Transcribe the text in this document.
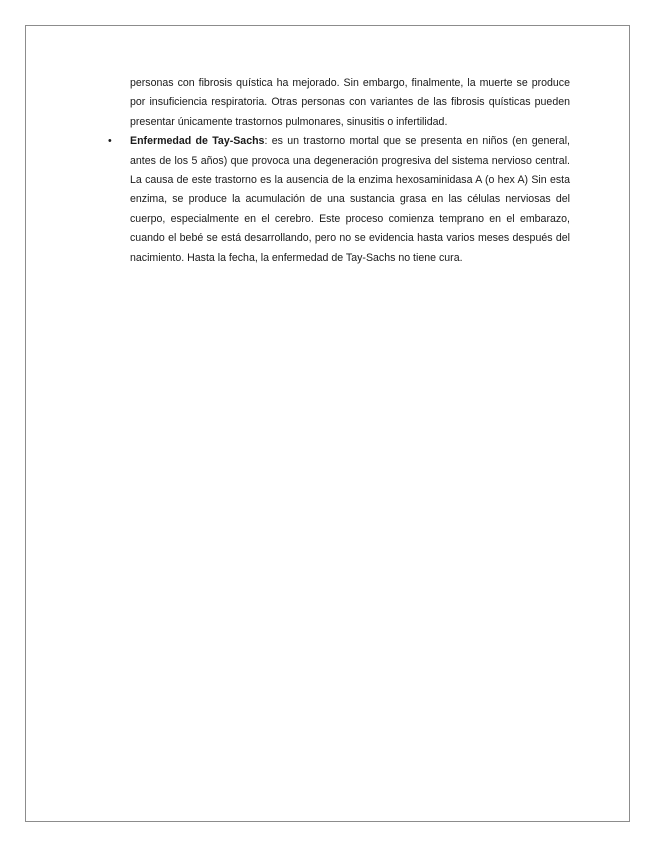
personas con fibrosis quística ha mejorado. Sin embargo, finalmente, la muerte se produce por insuficiencia respiratoria. Otras personas con variantes de las fibrosis quísticas pueden presentar únicamente trastornos pulmonares, sinusitis o infertilidad.

• Enfermedad de Tay-Sachs: es un trastorno mortal que se presenta en niños (en general, antes de los 5 años) que provoca una degeneración progresiva del sistema nervioso central. La causa de este trastorno es la ausencia de la enzima hexosaminidasa A (o hex A) Sin esta enzima, se produce la acumulación de una sustancia grasa en las células nerviosas del cuerpo, especialmente en el cerebro. Este proceso comienza temprano en el embarazo, cuando el bebé se está desarrollando, pero no se evidencia hasta varios meses después del nacimiento. Hasta la fecha, la enfermedad de Tay-Sachs no tiene cura.
